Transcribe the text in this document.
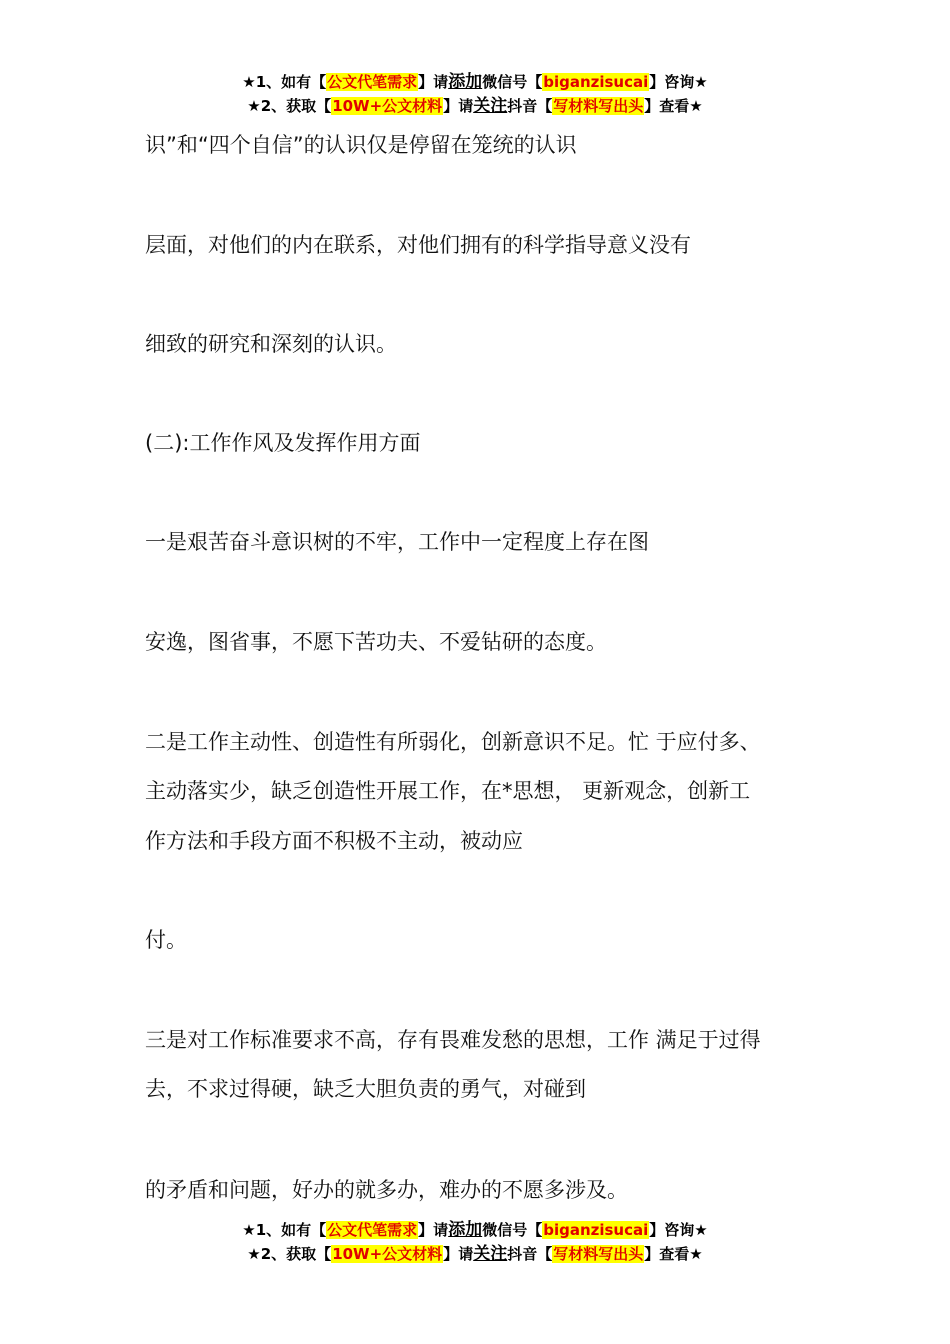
★1、如有【公文代笔需求】请添加微信号【biganzisucai】咨询★
★2、获取【10W+公文材料】请关注抖音【写材料写出头】查看★
识”和“四个自信”的认识仅是停留在笼统的认识
层面，对他们的内在联系，对他们拥有的科学指导意义没有
细致的研究和深刻的认识。
(二):工作作风及发挥作用方面
一是艰苦奋斗意识树的不牢，工作中一定程度上存在图
安逸，图省事，不愿下苦功夫、不爱钻研的态度。
二是工作主动性、创造性有所弱化，创新意识不足。忙 于应付多、
主动落实少，缺乏创造性开展工作，在*思想， 更新观念，创新工
作方法和手段方面不积极不主动，被动应
付。
三是对工作标准要求不高，存有畏难发愁的思想，工作 满足于过得
去，不求过得硬，缺乏大胆负责的勇气，对碰到
的矛盾和问题，好办的就多办，难办的不愿多涉及。
★1、如有【公文代笔需求】请添加微信号【biganzisucai】咨询★
★2、获取【10W+公文材料】请关注抖音【写材料写出头】查看★
